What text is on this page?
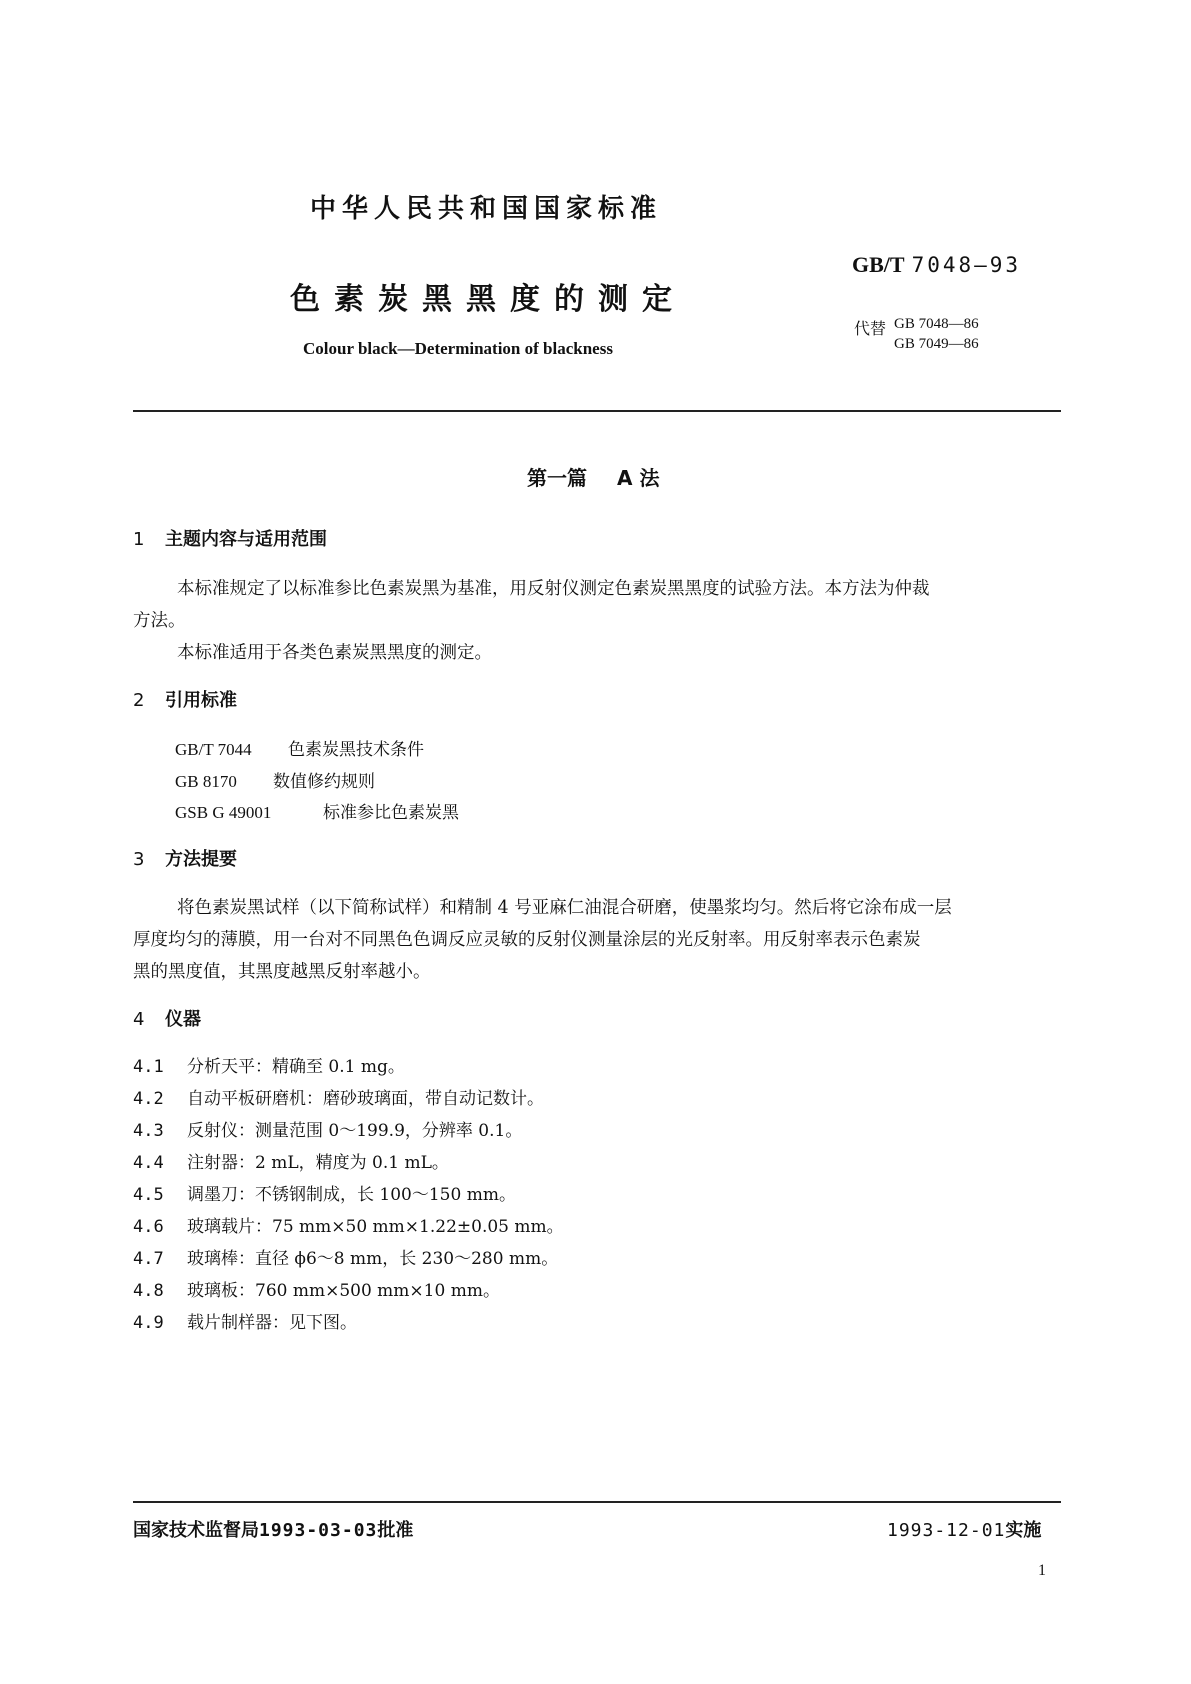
中华人民共和国国家标准
GB/T 7048—93
色素炭黑黑度的测定
Colour black—Determination of blackness
代替 GB 7048—86
GB 7049—86
第一篇 A 法
1 主题内容与适用范围
本标准规定了以标准参比色素炭黑为基准，用反射仪测定色素炭黑黑度的试验方法。本方法为仲裁
方法。
本标准适用于各类色素炭黑黑度的测定。
2 引用标准
GB/T 7044 色素炭黑技术条件
GB 8170 数值修约规则
GSB G 49001	标准参比色素炭黑
3 方法提要
将色素炭黑试样（以下简称试样）和精制 4 号亚麻仁油混合研磨，使墨浆均匀。然后将它涂布成一层
厚度均匀的薄膜，用一台对不同黑色色调反应灵敏的反射仪测量涂层的光反射率。用反射率表示色素炭
黑的黑度值，其黑度越黑反射率越小。
4 仪器
4.1 分析天平：精确至 0.1 mg。
4.2 自动平板研磨机：磨砂玻璃面，带自动记数计。
4.3 反射仪：测量范围 0～199.9，分辨率 0.1。
4.4 注射器：2 mL，精度为 0.1 mL。
4.5 调墨刀：不锈钢制成，长 100～150 mm。
4.6 玻璃载片：75 mm×50 mm×1.22±0.05 mm。
4.7 玻璃棒：直径 ϕ6～8 mm，长 230～280 mm。
4.8 玻璃板：760 mm×500 mm×10 mm。
4.9 载片制样器：见下图。
国家技术监督局1993-03-03批准	1993-12-01实施
1
